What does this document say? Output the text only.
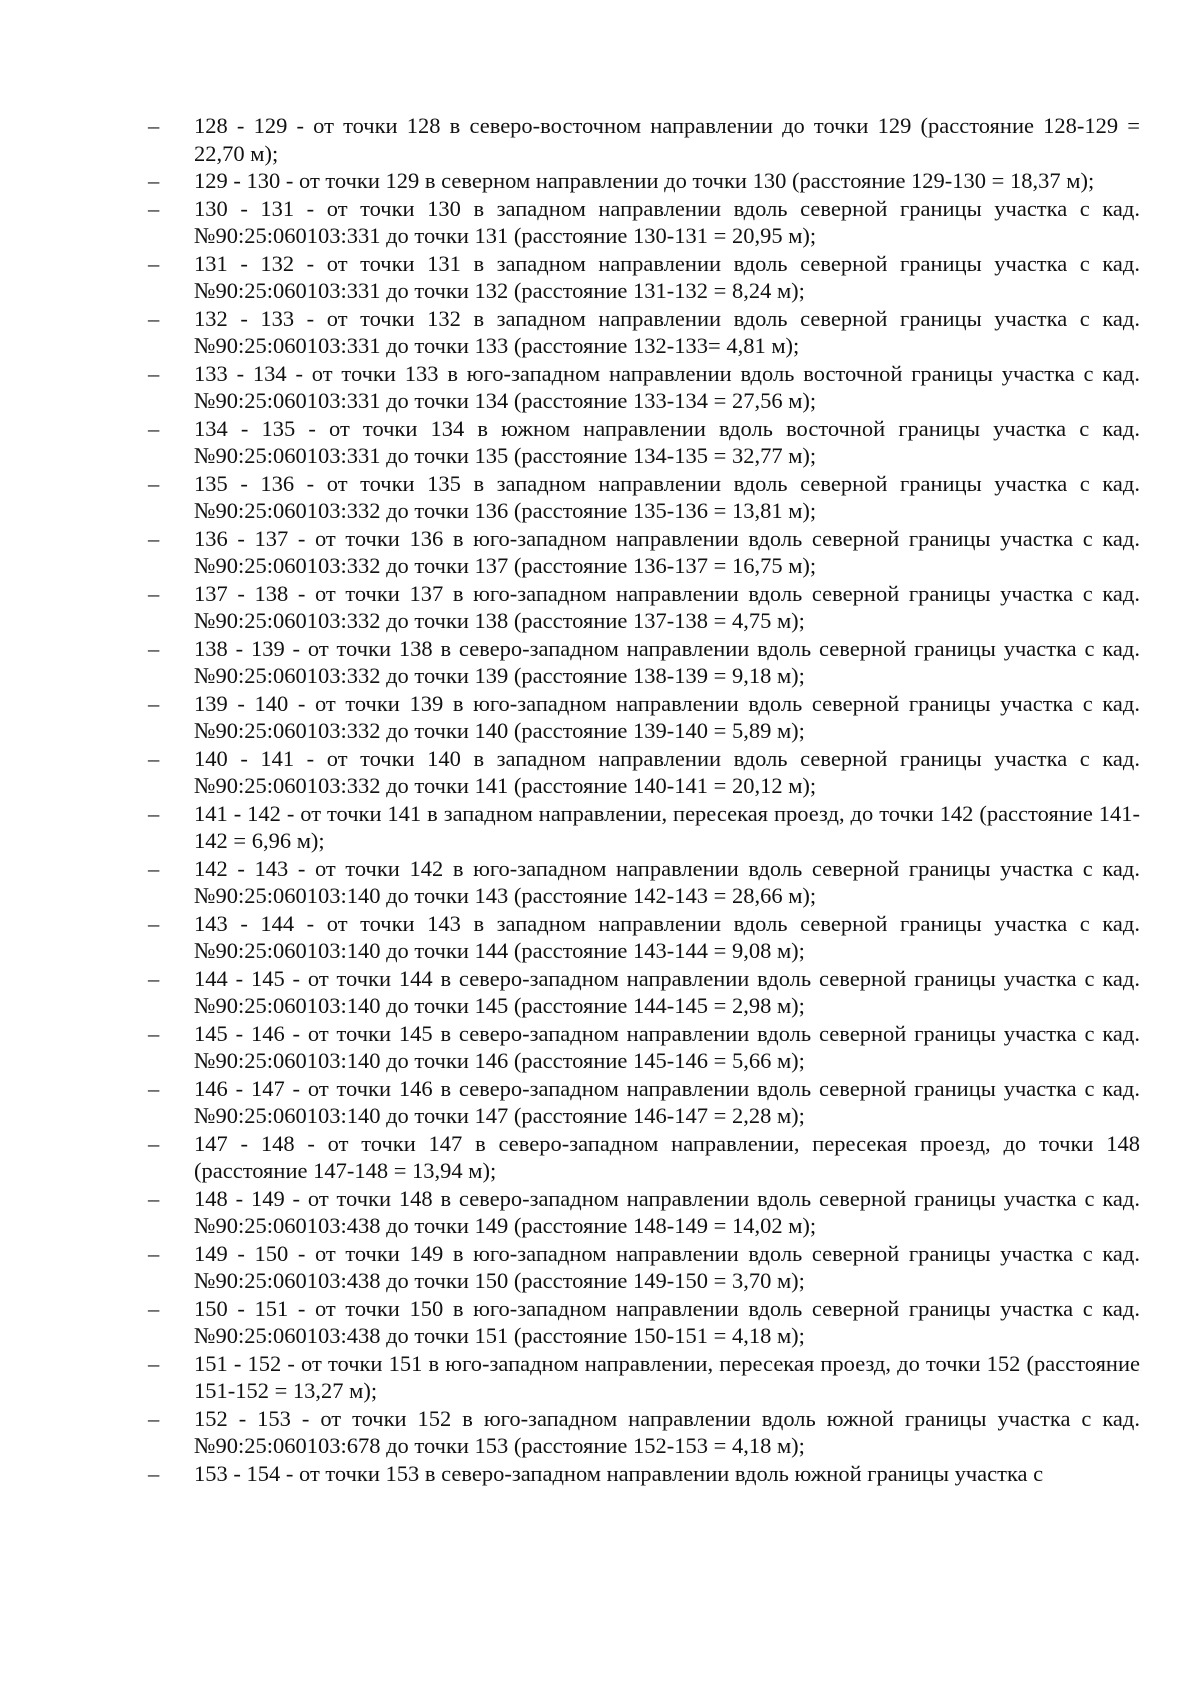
–	128 - 129 - от точки 128 в северо-восточном направлении до точки 129 (расстояние 128-129 = 22,70 м);
–	129 - 130 - от точки 129 в северном направлении до точки 130 (расстояние 129-130 = 18,37 м);
–	130 - 131 - от точки 130 в западном направлении вдоль северной границы участка с кад. №90:25:060103:331 до точки 131 (расстояние 130-131 = 20,95 м);
–	131 - 132 - от точки 131 в западном направлении вдоль северной границы участка с кад. №90:25:060103:331 до точки 132 (расстояние 131-132 = 8,24 м);
–	132 - 133 - от точки 132 в западном направлении вдоль северной границы участка с кад. №90:25:060103:331 до точки 133 (расстояние 132-133= 4,81 м);
–	133 - 134 - от точки 133 в юго-западном направлении вдоль восточной границы участка с кад. №90:25:060103:331 до точки 134 (расстояние 133-134 = 27,56 м);
–	134 - 135 - от точки 134 в южном направлении вдоль восточной границы участка с кад. №90:25:060103:331 до точки 135 (расстояние 134-135 = 32,77 м);
–	135 - 136 - от точки 135 в западном направлении вдоль северной границы участка с кад. №90:25:060103:332 до точки 136 (расстояние 135-136 = 13,81 м);
–	136 - 137 - от точки 136 в юго-западном направлении вдоль северной границы участка с кад. №90:25:060103:332 до точки 137 (расстояние 136-137 = 16,75 м);
–	137 - 138 - от точки 137 в юго-западном направлении вдоль северной границы участка с кад. №90:25:060103:332 до точки 138 (расстояние 137-138 = 4,75 м);
–	138 - 139 - от точки 138 в северо-западном направлении вдоль северной границы участка с кад. №90:25:060103:332 до точки 139 (расстояние 138-139 = 9,18 м);
–	139 - 140 - от точки 139 в юго-западном направлении вдоль северной границы участка с кад. №90:25:060103:332 до точки 140 (расстояние 139-140 = 5,89 м);
–	140 - 141 - от точки 140 в западном направлении вдоль северной границы участка с кад. №90:25:060103:332 до точки 141 (расстояние 140-141 = 20,12 м);
–	141 - 142 - от точки 141 в западном направлении, пересекая проезд, до точки 142 (расстояние 141-142 = 6,96 м);
–	142 - 143 - от точки 142 в юго-западном направлении вдоль северной границы участка с кад. №90:25:060103:140 до точки 143 (расстояние 142-143 = 28,66 м);
–	143 - 144 - от точки 143 в западном направлении вдоль северной границы участка с кад. №90:25:060103:140 до точки 144 (расстояние 143-144 = 9,08 м);
–	144 - 145 - от точки 144 в северо-западном направлении вдоль северной границы участка с кад. №90:25:060103:140 до точки 145 (расстояние 144-145 = 2,98 м);
–	145 - 146 - от точки 145 в северо-западном направлении вдоль северной границы участка с кад. №90:25:060103:140 до точки 146 (расстояние 145-146 = 5,66 м);
–	146 - 147 - от точки 146 в северо-западном направлении вдоль северной границы участка с кад. №90:25:060103:140 до точки 147 (расстояние 146-147 = 2,28 м);
–	147 - 148 - от точки 147 в северо-западном направлении, пересекая проезд, до точки 148 (расстояние 147-148 = 13,94 м);
–	148 - 149 - от точки 148 в северо-западном направлении вдоль северной границы участка с кад. №90:25:060103:438 до точки 149 (расстояние 148-149 = 14,02 м);
–	149 - 150 - от точки 149 в юго-западном направлении вдоль северной границы участка с кад. №90:25:060103:438 до точки 150 (расстояние 149-150 = 3,70 м);
–	150 - 151 - от точки 150 в юго-западном направлении вдоль северной границы участка с кад. №90:25:060103:438 до точки 151 (расстояние 150-151 = 4,18 м);
–	151 - 152 - от точки 151 в юго-западном направлении, пересекая проезд, до точки 152 (расстояние 151-152 = 13,27 м);
–	152 - 153 - от точки 152 в юго-западном направлении вдоль южной границы участка с кад. №90:25:060103:678 до точки 153 (расстояние 152-153 = 4,18 м);
–	153 - 154 - от точки 153 в северо-западном направлении вдоль южной границы участка с
